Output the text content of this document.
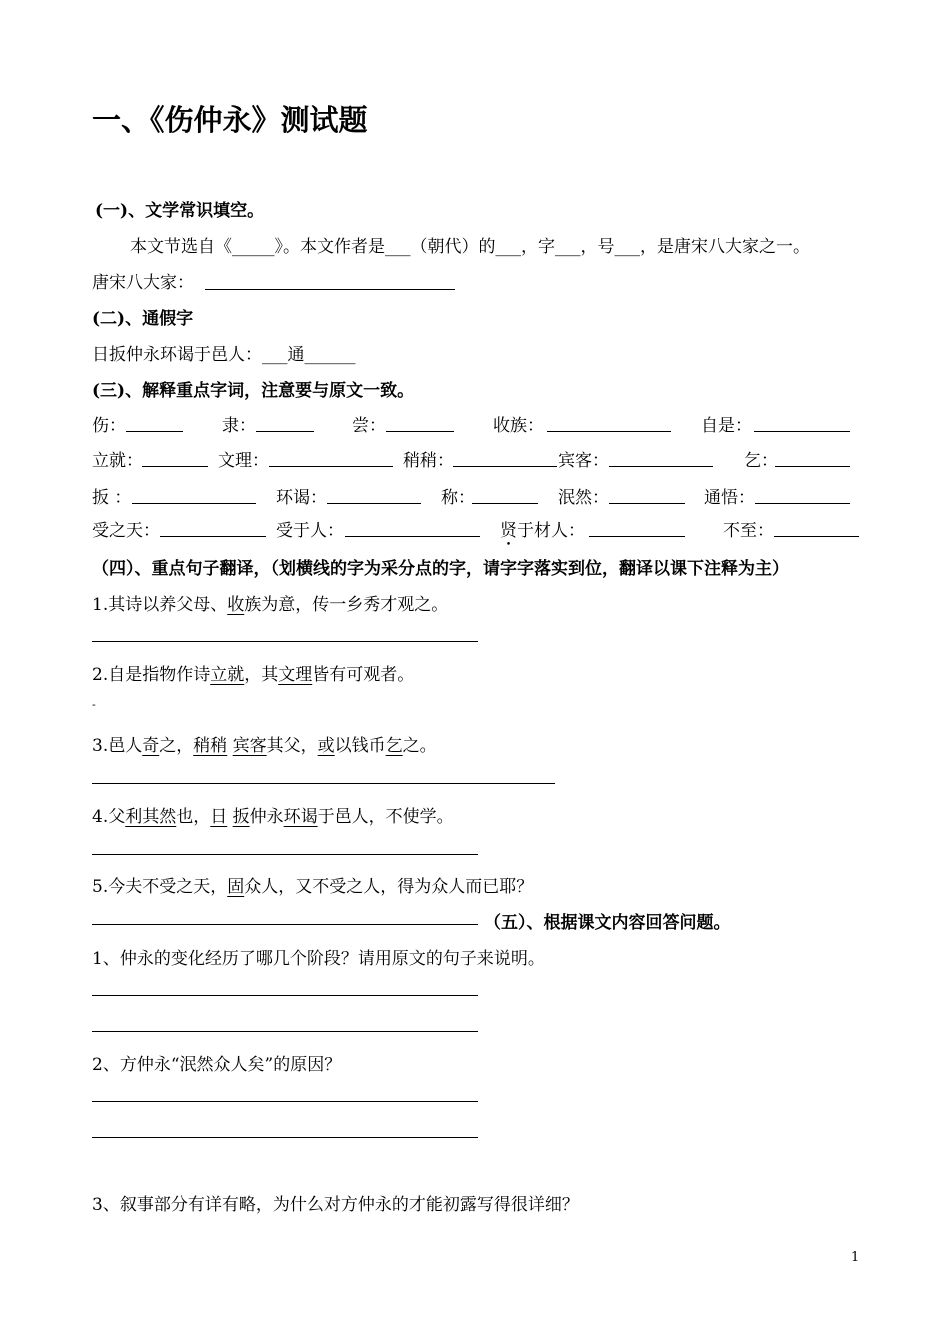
一、《伤仲永》测试题
(一)、文学常识填空。
本文节选自《_____》。本文作者是___（朝代）的___，字___，号___，是唐宋八大家之一。
唐宋八大家：
(二)、通假字
日扳仲永环谒于邑人：___通______
(三)、解释重点字词，注意要与原文一致。
伤：	隶：	尝：	收族：	自是：
立就：	文理：	稍稍：	宾客：	乞：
扳 ：	环谒：	称：	泯然：	通悟：
受之天：	受于人：	贤于材人：	不至：
（四）、重点句子翻译，（划横线的字为采分点的字，请字字落实到位，翻译以课下注释为主）
1.其诗以养父母、收族为意，传一乡秀才观之。
2.自是指物作诗立就，其文理皆有可观者。
-
3.邑人奇之，稍稍 宾客其父，或以钱币乞之。
4.父利其然也，日 扳仲永环谒于邑人，不使学。
5.今夫不受之天，固众人，又不受之人，得为众人而已耶？
（五）、根据课文内容回答问题。
1、仲永的变化经历了哪几个阶段？请用原文的句子来说明。
2、方仲永“泯然众人矣”的原因？
3、叙事部分有详有略，为什么对方仲永的才能初露写得很详细？
1
